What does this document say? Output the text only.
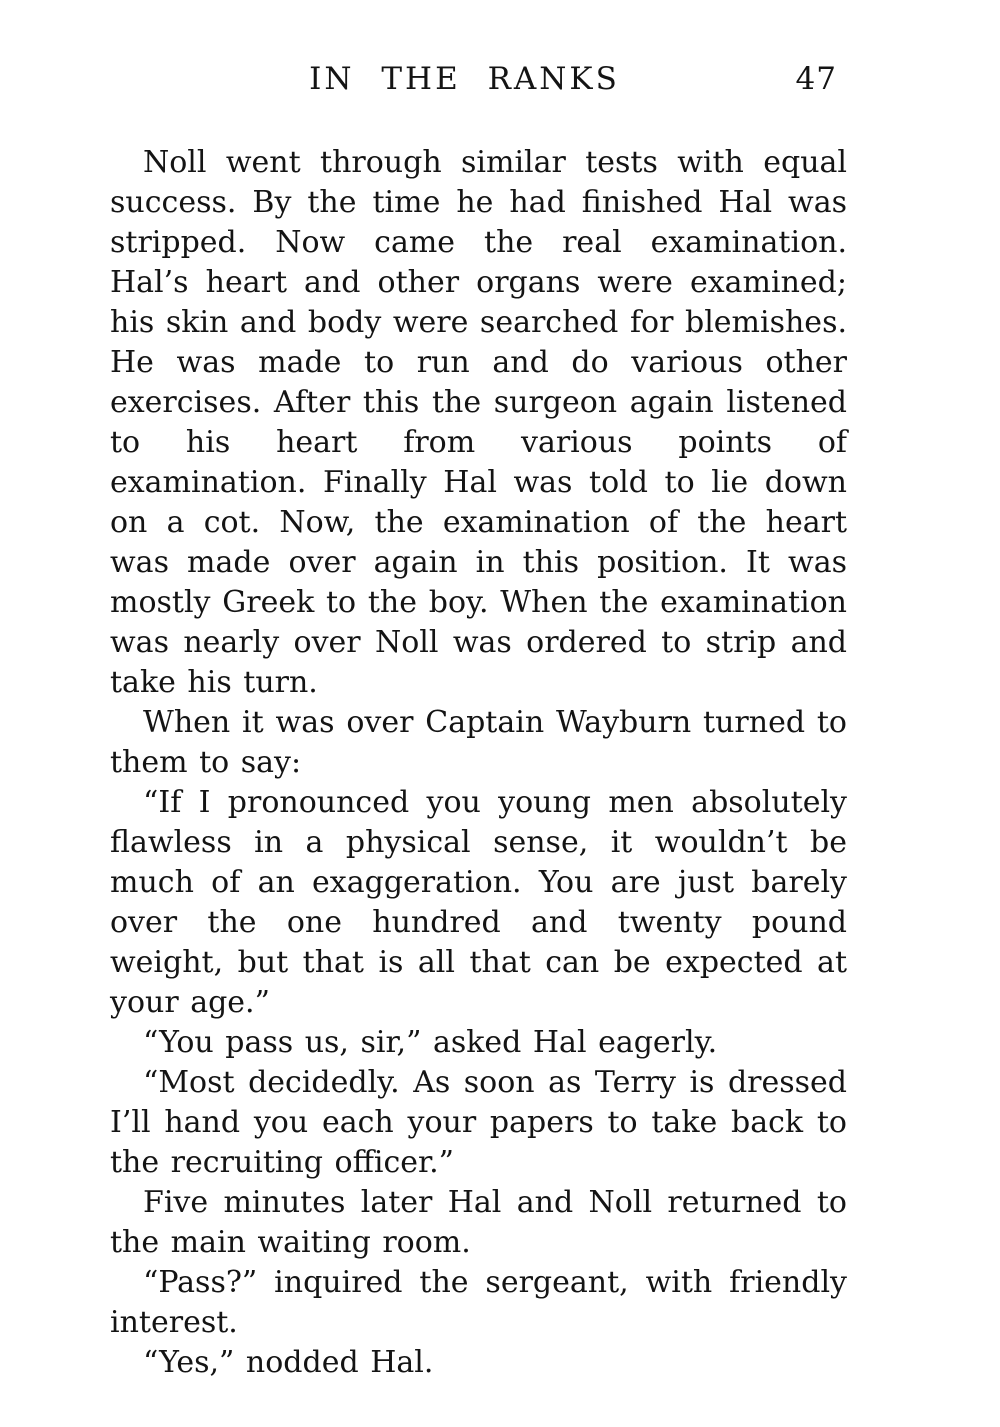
IN THE RANKS	47

Noll went through similar tests with equal success. By the time he had finished Hal was stripped. Now came the real examination. Hal’s heart and other organs were examined; his skin and body were searched for blemishes. He was made to run and do various other exercises. After this the surgeon again listened to his heart from various points of examination. Finally Hal was told to lie down on a cot. Now, the examination of the heart was made over again in this position. It was mostly Greek to the boy. When the examination was nearly over Noll was ordered to strip and take his turn.

When it was over Captain Wayburn turned to them to say:

“If I pronounced you young men absolutely flawless in a physical sense, it wouldn’t be much of an exaggeration. You are just barely over the one hundred and twenty pound weight, but that is all that can be expected at your age.”

“You pass us, sir,” asked Hal eagerly.

“Most decidedly. As soon as Terry is dressed I’ll hand you each your papers to take back to the recruiting officer.”

Five minutes later Hal and Noll returned to the main waiting room.

“Pass?” inquired the sergeant, with friendly interest.

“Yes,” nodded Hal.
